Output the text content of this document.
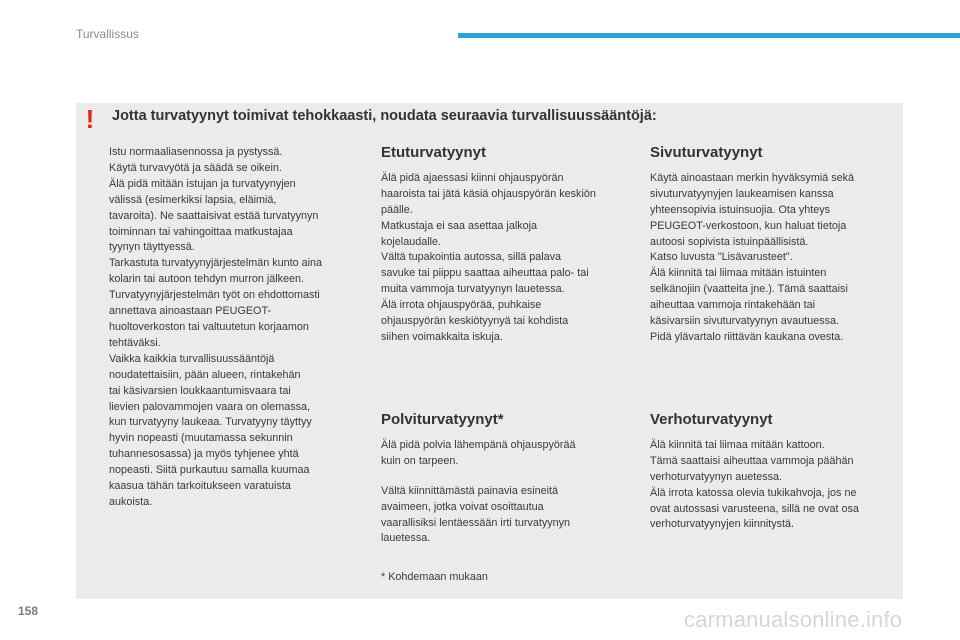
Turvallissus
! Jotta turvatyynyt toimivat tehokkaasti, noudata seuraavia turvallisuussääntöjä:

Istu normaaliasennossa ja pystyssä.
Käytä turvavyötä ja säädä se oikein.
Älä pidä mitään istujan ja turvatyynyjen
välissä (esimerkiksi lapsia, eläimiä,
tavaroita). Ne saattaisivat estää turvatyynyn
toiminnan tai vahingoittaa matkustajaa
tyynyn täyttyessä.
Tarkastuta turvatyynyjärjestelmän kunto aina
kolarin tai autoon tehdyn murron jälkeen.
Turvatyynyjärjestelmän työt on ehdottomasti
annettava ainoastaan PEUGEOT-
huoltoverkoston tai valtuutetun korjaamon
tehtäväksi.
Vaikka kaikkia turvallisuussääntöjä
noudatettaisiin, pään alueen, rintakehän
tai käsivarsien loukkaantumisvaara tai
lievien palovammojen vaara on olemassa,
kun turvatyyny laukeaa. Turvatyyny täyttyy
hyvin nopeasti (muutamassa sekunnin
tuhannesosassa) ja myös tyhjenee yhtä
nopeasti. Siitä purkautuu samalla kuumaa
kaasua tähän tarkoitukseen varatuista
aukoista.

Etuturvatyynyt

Älä pidä ajaessasi kiinni ohjauspyörän
haaroista tai jätä käsiä ohjauspyörän keskiön
päälle.
Matkustaja ei saa asettaa jalkoja
kojelaudalle.
Vältä tupakointia autossa, sillä palava
savuke tai piippu saattaa aiheuttaa palo- tai
muita vammoja turvatyynyn lauetessa.
Älä irrota ohjauspyörää, puhkaise
ohjauspyörän keskiötyynyä tai kohdista
siihen voimakkaita iskuja.

Sivuturvatyynyt

Käytä ainoastaan merkin hyväksymiä sekä
sivuturvatyynyjen laukeamisen kanssa
yhteensopivia istuinsuojia. Ota yhteys
PEUGEOT-verkostoon, kun haluat tietoja
autoosi sopivista istuinpäällisistä.
Katso luvusta "Lisävarusteet".
Älä kiinnitä tai liimaa mitään istuinten
selkänojiin (vaatteita jne.). Tämä saattaisi
aiheuttaa vammoja rintakehään tai
käsivarsiin sivuturvatyynyn avautuessa.
Pidä ylävartalo riittävän kaukana ovesta.

Polviturvatyynyt*

Älä pidä polvia lähempänä ohjauspyörää
kuin on tarpeen.

Vältä kiinnittämästä painavia esineitä
avaimeen, jotka voivat osoittautua
vaarallisiksi lentäessään irti turvatyynyn
lauetessa.

* Kohdemaan mukaan
Verhoturvatyynyt

Älä kiinnitä tai liimaa mitään kattoon.
Tämä saattaisi aiheuttaa vammoja päähän
verhoturvatyynyn auetessa.
Älä irrota katossa olevia tukikahvoja, jos ne
ovat autossasi varusteena, sillä ne ovat osa
verhoturvatyynyjen kiinnitystä.

158	carmanualsonline.info
